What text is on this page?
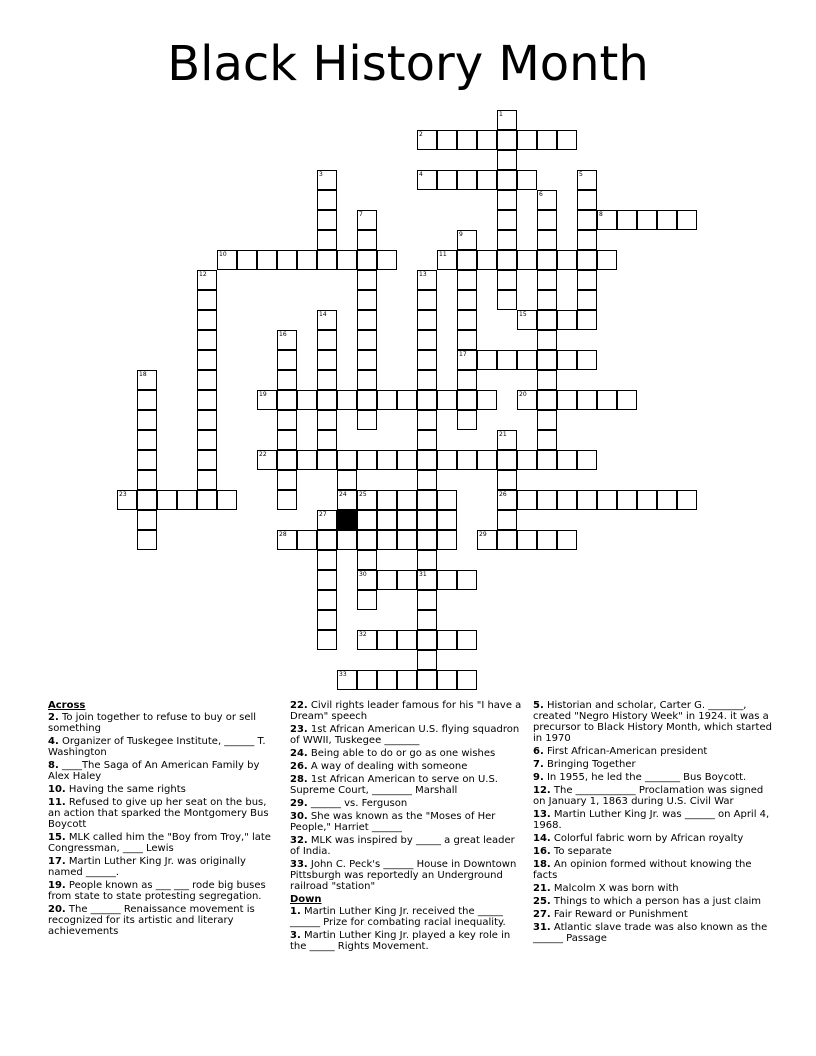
Black History Month
1
2
3	4	5
6
7	8
9
10	11
12	13
14	15
16
17
18
19	20
21
22
23	24 25	26
27
28	29
30	31
32
33
Across

2. To join together to refuse to buy or sell something

4. Organizer of Tuskegee Institute, ______ T. Washington

8. ____The Saga of An American Family by Alex Haley

10. Having the same rights

11. Refused to give up her seat on the bus, an action that sparked the Montgomery Bus Boycott

15. MLK called him the "Boy from Troy," late Congressman, ____ Lewis

17. Martin Luther King Jr. was originally named ______.

19. People known as ___ ___ rode big buses from state to state protesting segregation.

20. The ______ Renaissance movement is recognized for its artistic and literary achievements

22. Civil rights leader famous for his "I have a Dream" speech

23. 1st African American U.S. flying squadron of WWII, Tuskegee _______

24. Being able to do or go as one wishes

26. A way of dealing with someone

28. 1st African American to serve on U.S. Supreme Court, ________ Marshall

29. ______ vs. Ferguson

30. She was known as the "Moses of Her People," Harriet ______

32. MLK was inspired by _____ a great leader of India.

33. John C. Peck's ______ House in Downtown Pittsburgh was reportedly an Underground railroad "station"

Down

1. Martin Luther King Jr. received the _____ ______ Prize for combating racial inequality.

3. Martin Luther King Jr. played a key role in the _____ Rights Movement.

5. Historian and scholar, Carter G. _______, created "Negro History Week" in 1924. it was a precursor to Black History Month, which started in 1970

6. First African-American president

7. Bringing Together

9. In 1955, he led the _______ Bus Boycott.

12. The ____________ Proclamation was signed on January 1, 1863 during U.S. Civil War

13. Martin Luther King Jr. was ______ on April 4, 1968.

14. Colorful fabric worn by African royalty

16. To separate

18. An opinion formed without knowing the facts

21. Malcolm X was born with

25. Things to which a person has a just claim

27. Fair Reward or Punishment

31. Atlantic slave trade was also known as the ______ Passage
